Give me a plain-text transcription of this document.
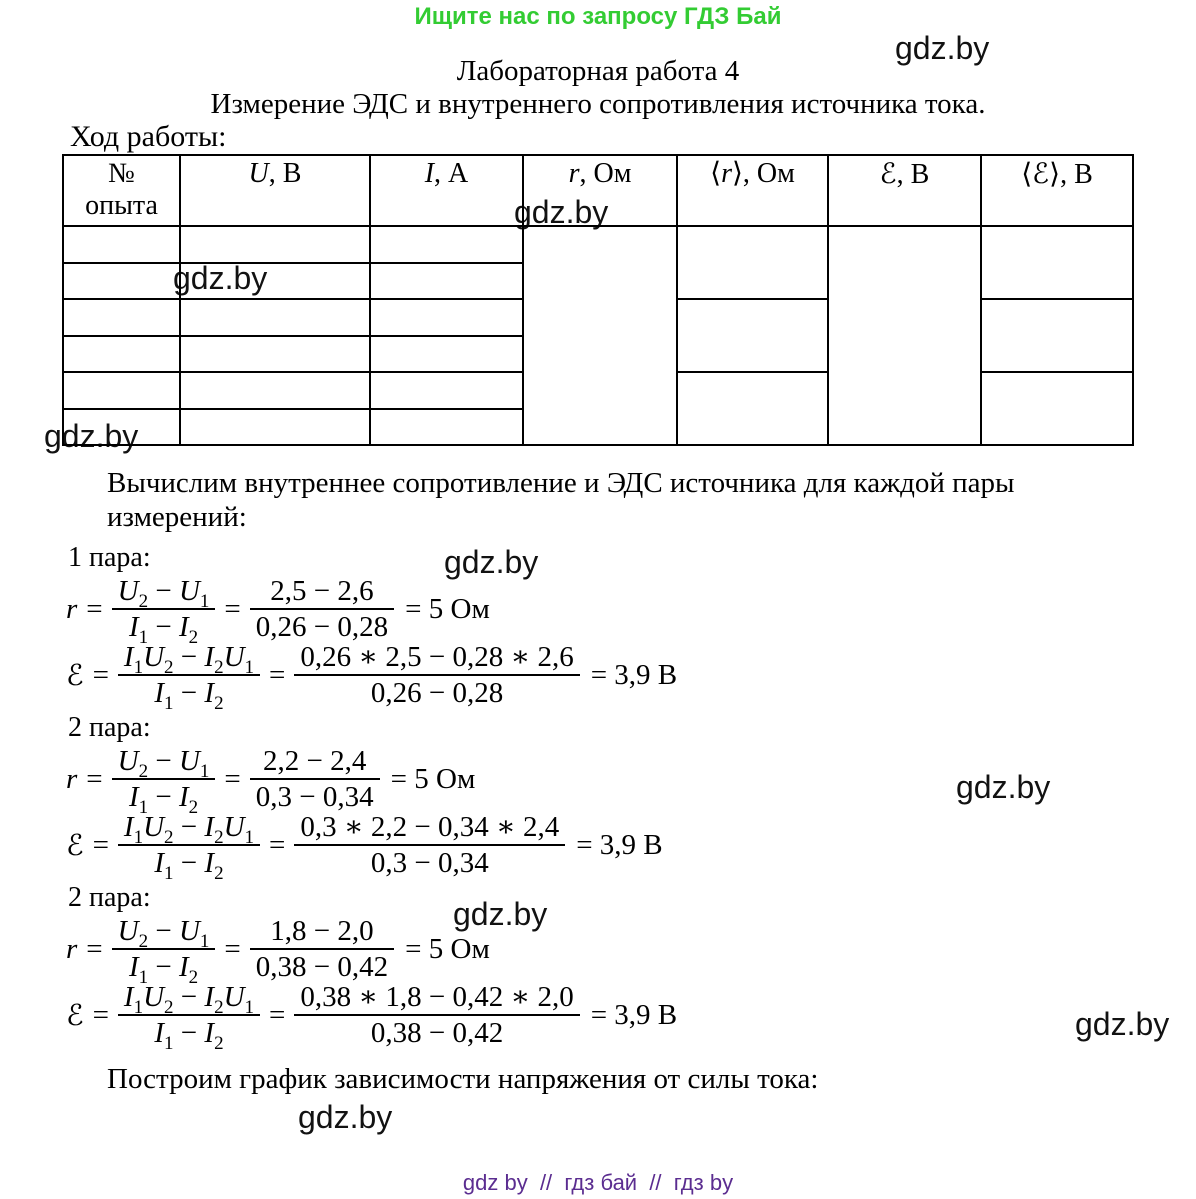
Ищите нас по запросу ГДЗ Бай
gdz.by
gdz.by
gdz.by
gdz.by
gdz.by
gdz.by
gdz.by
gdz.by
gdz.by
Лабораторная работа 4
Измерение ЭДС и внутреннего сопротивления источника тока.
Ход работы:
№
опыта	U, В	I, А	r, Ом	⟨r⟩, Ом	ℰ, В	⟨ℰ⟩, В

Вычислим внутреннее сопротивление и ЭДС источника для каждой пары
измерений:
1 пара:
$r = \frac{U_2 - U_1}{I_1 - I_2} = \frac{2,5 - 2,6}{0,26 - 0,28} = 5$ Ом
ℰ = $\frac{I_1U_2 - I_2U_1}{I_1 - I_2} = \frac{0,26 ∗ 2,5 - 0,28 ∗ 2,6}{0,26 - 0,28} = 3,9$ В
2 пара:
$r = \frac{U_2 - U_1}{I_1 - I_2} = \frac{2,2 - 2,4}{0,3 - 0,34} = 5$ Ом
ℰ = $\frac{I_1U_2 - I_2U_1}{I_1 - I_2} = \frac{0,3 ∗ 2,2 - 0,34 ∗ 2,4}{0,3 - 0,34} = 3,9$ В
2 пара:
$r = \frac{U_2 - U_1}{I_1 - I_2} = \frac{1,8 - 2,0}{0,38 - 0,42} = 5$ Ом
ℰ = $\frac{I_1U_2 - I_2U_1}{I_1 - I_2} = \frac{0,38 ∗ 1,8 - 0,42 ∗ 2,0}{0,38 - 0,42} = 3,9$ В
Построим график зависимости напряжения от силы тока:
gdz by  //  гдз бай  //  гдз by
